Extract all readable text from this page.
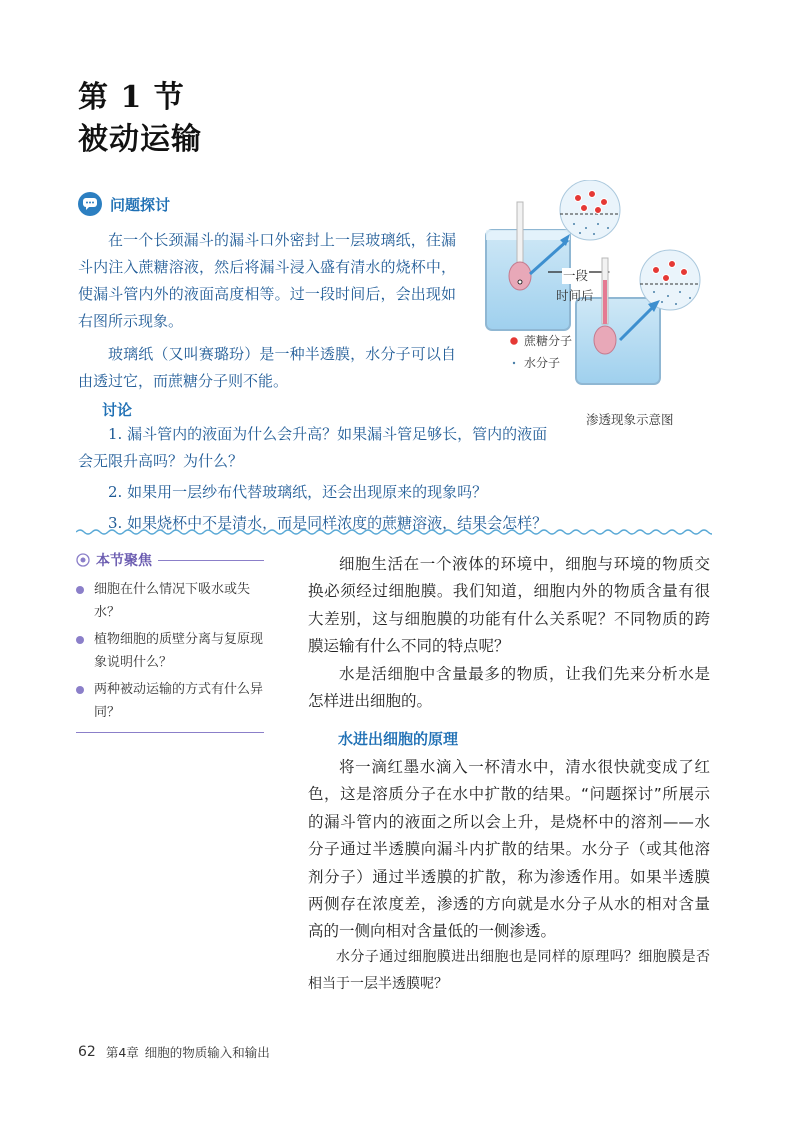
第 1 节
被动运输
问题探讨

在一个长颈漏斗的漏斗口外密封上一层玻璃纸，往漏斗内注入蔗糖溶液，然后将漏斗浸入盛有清水的烧杯中，使漏斗管内外的液面高度相等。过一段时间后，会出现如右图所示现象。

玻璃纸（又叫赛璐玢）是一种半透膜，水分子可以自由透过它，而蔗糖分子则不能。

一段
时间后
蔗糖分子
水分子
渗透现象示意图
讨论

1. 漏斗管内的液面为什么会升高？如果漏斗管足够长，管内的液面会无限升高吗？为什么？

2. 如果用一层纱布代替玻璃纸，还会出现原来的现象吗？

3. 如果烧杯中不是清水，而是同样浓度的蔗糖溶液，结果会怎样？

本节聚焦
细胞在什么情况下吸水或失水？
植物细胞的质壁分离与复原现象说明什么？
两种被动运输的方式有什么异同？

细胞生活在一个液体的环境中，细胞与环境的物质交换必须经过细胞膜。我们知道，细胞内外的物质含量有很大差别，这与细胞膜的功能有什么关系呢？不同物质的跨膜运输有什么不同的特点呢？

水是活细胞中含量最多的物质，让我们先来分析水是怎样进出细胞的。

水进出细胞的原理

将一滴红墨水滴入一杯清水中，清水很快就变成了红色，这是溶质分子在水中扩散的结果。“问题探讨”所展示的漏斗管内的液面之所以会上升，是烧杯中的溶剂——水分子通过半透膜向漏斗内扩散的结果。水分子（或其他溶剂分子）通过半透膜的扩散，称为渗透作用。如果半透膜两侧存在浓度差，渗透的方向就是水分子从水的相对含量高的一侧向相对含量低的一侧渗透。

水分子通过细胞膜进出细胞也是同样的原理吗？细胞膜是否相当于一层半透膜呢？

62 第4章 细胞的物质输入和输出
